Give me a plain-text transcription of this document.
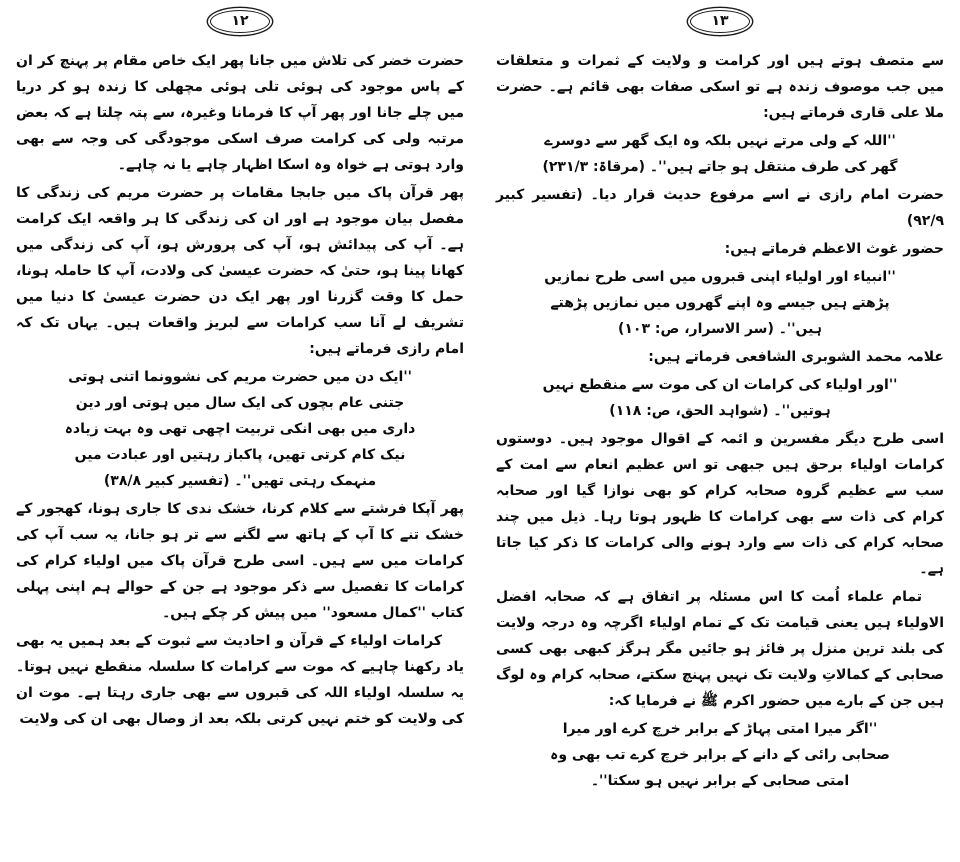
۱۳

سے متصف ہوتے ہیں اور کرامت و ولایت کے ثمرات و متعلقات میں جب موصوف زندہ ہے تو اسکی صفات بھی قائم ہے۔ حضرت ملا علی قاری فرماتے ہیں:

''اللہ کے ولی مرتے نہیں بلکہ وہ ایک گھر سے دوسرے گھر کی طرف منتقل ہو جاتے ہیں''۔ (مرقاۃ: ۲۳۱/۳)

حضرت امام رازی نے اسے مرفوع حدیث قرار دیا۔ (تفسیر کبیر ۹۲/۹)

حضور غوث الاعظم فرماتے ہیں:

''انبیاء اور اولیاء اپنی قبروں میں اسی طرح نمازیں پڑھتے ہیں جیسے وہ اپنے گھروں میں نمازیں پڑھتے ہیں''۔ (سر الاسرار، ص: ۱۰۳)

علامہ محمد الشوبری الشافعی فرماتے ہیں:

''اور اولیاء کی کرامات ان کی موت سے منقطع نہیں ہوتیں''۔ (شواہد الحق، ص: ۱۱۸)

اسی طرح دیگر مفسرین و ائمہ کے اقوال موجود ہیں۔ دوستوں کرامات اولیاء برحق ہیں جبھی تو اس عظیم انعام سے امت کے سب سے عظیم گروہ صحابہ کرام کو بھی نوازا گیا اور صحابہ کرام کی ذات سے بھی کرامات کا ظہور ہوتا رہا۔ ذیل میں چند صحابہ کرام کی ذات سے وارد ہونے والی کرامات کا ذکر کیا جاتا ہے۔

تمام علماء اُمت کا اس مسئلہ پر اتفاق ہے کہ صحابہ افضل الاولیاء ہیں یعنی قیامت تک کے تمام اولیاء اگرچہ وہ درجہ ولایت کی بلند ترین منزل پر فائز ہو جائیں مگر ہرگز کبھی بھی کسی صحابی کے کمالاتِ ولایت تک نہیں پہنچ سکتے، صحابہ کرام وہ لوگ ہیں جن کے بارے میں حضور اکرم ﷺ نے فرمایا کہ:

''اگر میرا امتی پہاڑ کے برابر خرچ کرے اور میرا صحابی رائی کے دانے کے برابر خرچ کرے تب بھی وہ امتی صحابی کے برابر نہیں ہو سکتا''۔

۱۲

حضرت خضر کی تلاش میں جانا پھر ایک خاص مقام پر پہنچ کر ان کے پاس موجود کی ہوئی تلی ہوئی مچھلی کا زندہ ہو کر دریا میں چلے جانا اور پھر آپ کا فرمانا وغیرہ، سے پتہ چلتا ہے کہ بعض مرتبہ ولی کی کرامت صرف اسکی موجودگی کی وجہ سے بھی وارد ہوتی ہے خواہ وہ اسکا اظہار چاہے یا نہ چاہے۔

پھر قرآن پاک میں جابجا مقامات پر حضرت مریم کی زندگی کا مفصل بیان موجود ہے اور ان کی زندگی کا ہر واقعہ ایک کرامت ہے۔ آپ کی پیدائش ہو، آپ کی پرورش ہو، آپ کی زندگی میں کھانا پینا ہو، حتیٰ کہ حضرت عیسیٰ کی ولادت، آپ کا حاملہ ہونا، حمل کا وقت گزرنا اور پھر ایک دن حضرت عیسیٰ کا دنیا میں تشریف لے آنا سب کرامات سے لبریز واقعات ہیں۔ یہاں تک کہ امام رازی فرماتے ہیں:

''ایک دن میں حضرت مریم کی نشوونما اتنی ہوتی جتنی عام بچوں کی ایک سال میں ہوتی اور دین داری میں بھی انکی تربیت اچھی تھی وہ بہت زیادہ نیک کام کرتی تھیں، پاکباز رہتیں اور عبادت میں منہمک رہتی تھیں''۔ (تفسیر کبیر ۳۸/۸)

پھر آپکا فرشتے سے کلام کرنا، خشک ندی کا جاری ہونا، کھجور کے خشک تنے کا آپ کے ہاتھ سے لگنے سے تر ہو جانا، یہ سب آپ کی کرامات میں سے ہیں۔ اسی طرح قرآن پاک میں اولیاء کرام کی کرامات کا تفصیل سے ذکر موجود ہے جن کے حوالے ہم اپنی پہلی کتاب ''کمال مسعود'' میں پیش کر چکے ہیں۔

کرامات اولیاء کے قرآن و احادیث سے ثبوت کے بعد ہمیں یہ بھی یاد رکھنا چاہیے کہ موت سے کرامات کا سلسلہ منقطع نہیں ہوتا۔ یہ سلسلہ اولیاء اللہ کی قبروں سے بھی جاری رہتا ہے۔ موت ان کی ولایت کو ختم نہیں کرتی بلکہ بعد از وصال بھی ان کی ولایت
